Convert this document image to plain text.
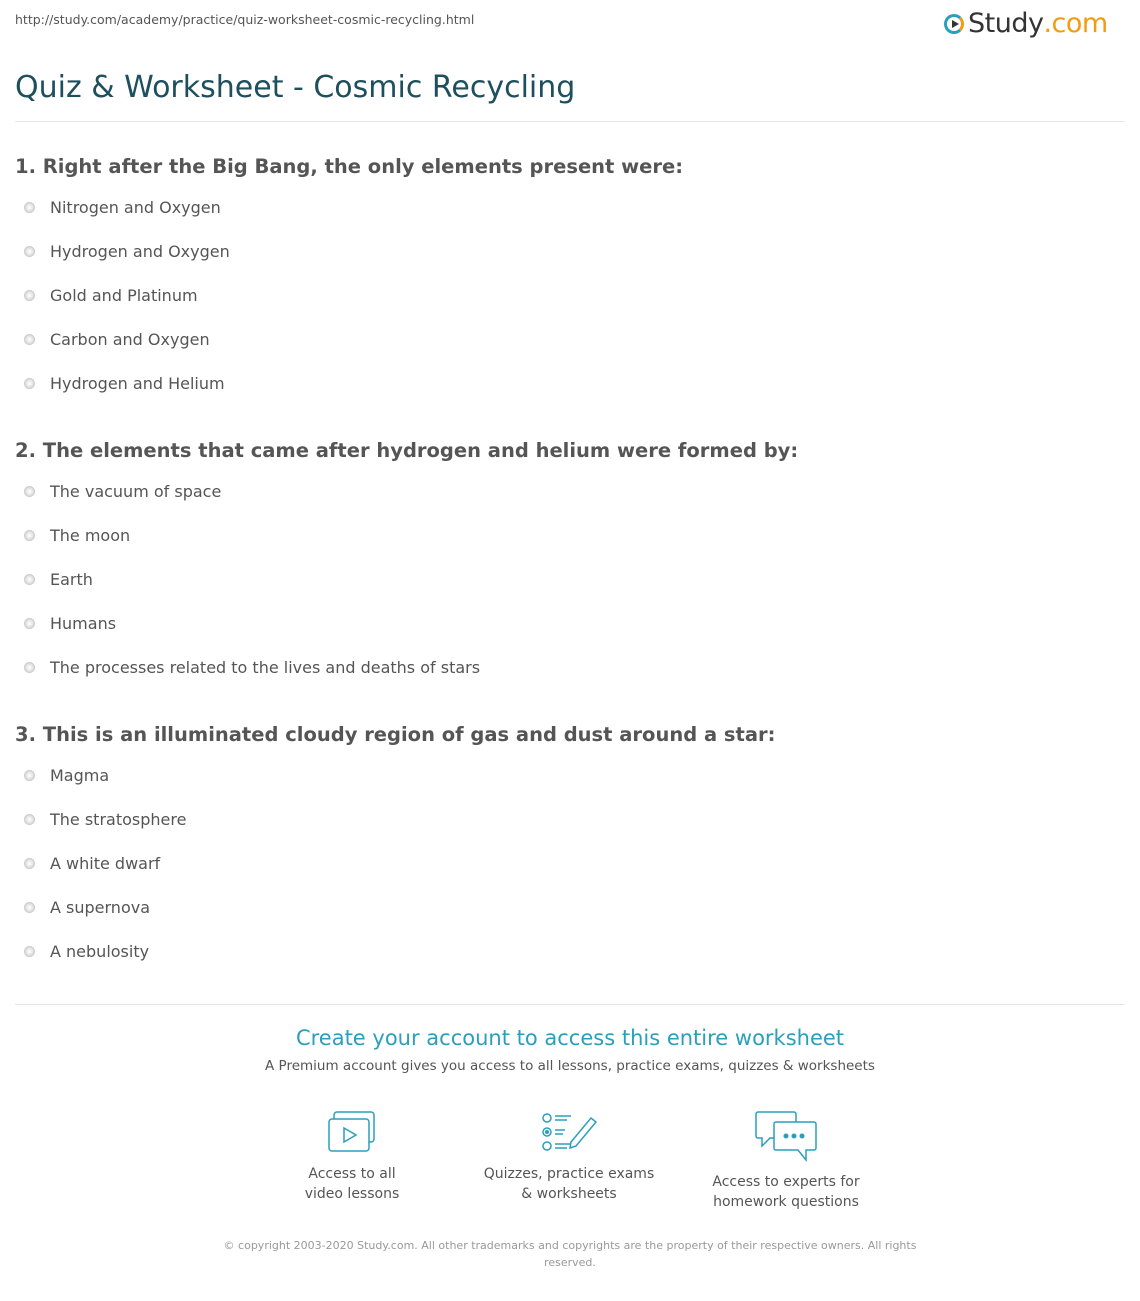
http://study.com/academy/practice/quiz-worksheet-cosmic-recycling.html	Study .com
Quiz & Worksheet - Cosmic Recycling
1. Right after the Big Bang, the only elements present were:
Nitrogen and Oxygen
Hydrogen and Oxygen
Gold and Platinum
Carbon and Oxygen
Hydrogen and Helium
2. The elements that came after hydrogen and helium were formed by:
The vacuum of space
The moon
Earth
Humans
The processes related to the lives and deaths of stars
3. This is an illuminated cloudy region of gas and dust around a star:
Magma
The stratosphere
A white dwarf
A supernova
A nebulosity
Create your account to access this entire worksheet
A Premium account gives you access to all lessons, practice exams, quizzes & worksheets
Access to all
video lessons
Quizzes, practice exams
& worksheets
Access to experts for
homework questions
© copyright 2003-2020 Study.com. All other trademarks and copyrights are the property of their respective owners. All rights reserved.
